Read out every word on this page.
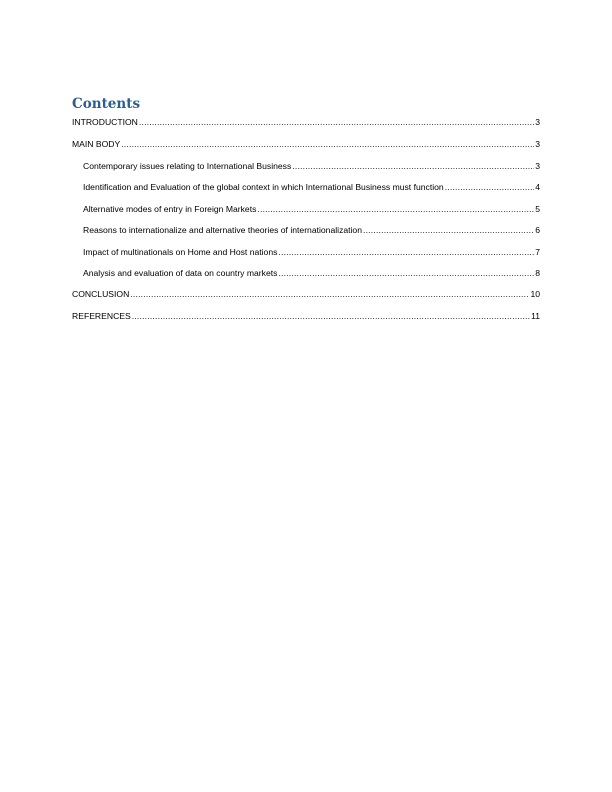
Contents
INTRODUCTION .....	3
MAIN BODY .....	3
Contemporary issues relating to International Business .....	3
Identification and Evaluation of the global context in which International Business must function .....	4
Alternative modes of entry in Foreign Markets .....	5
Reasons to internationalize and alternative theories of internationalization .....	6
Impact of multinationals on Home and Host nations .....	7
Analysis and evaluation of data on country markets .....	8
CONCLUSION .....	10
REFERENCES .....	11
